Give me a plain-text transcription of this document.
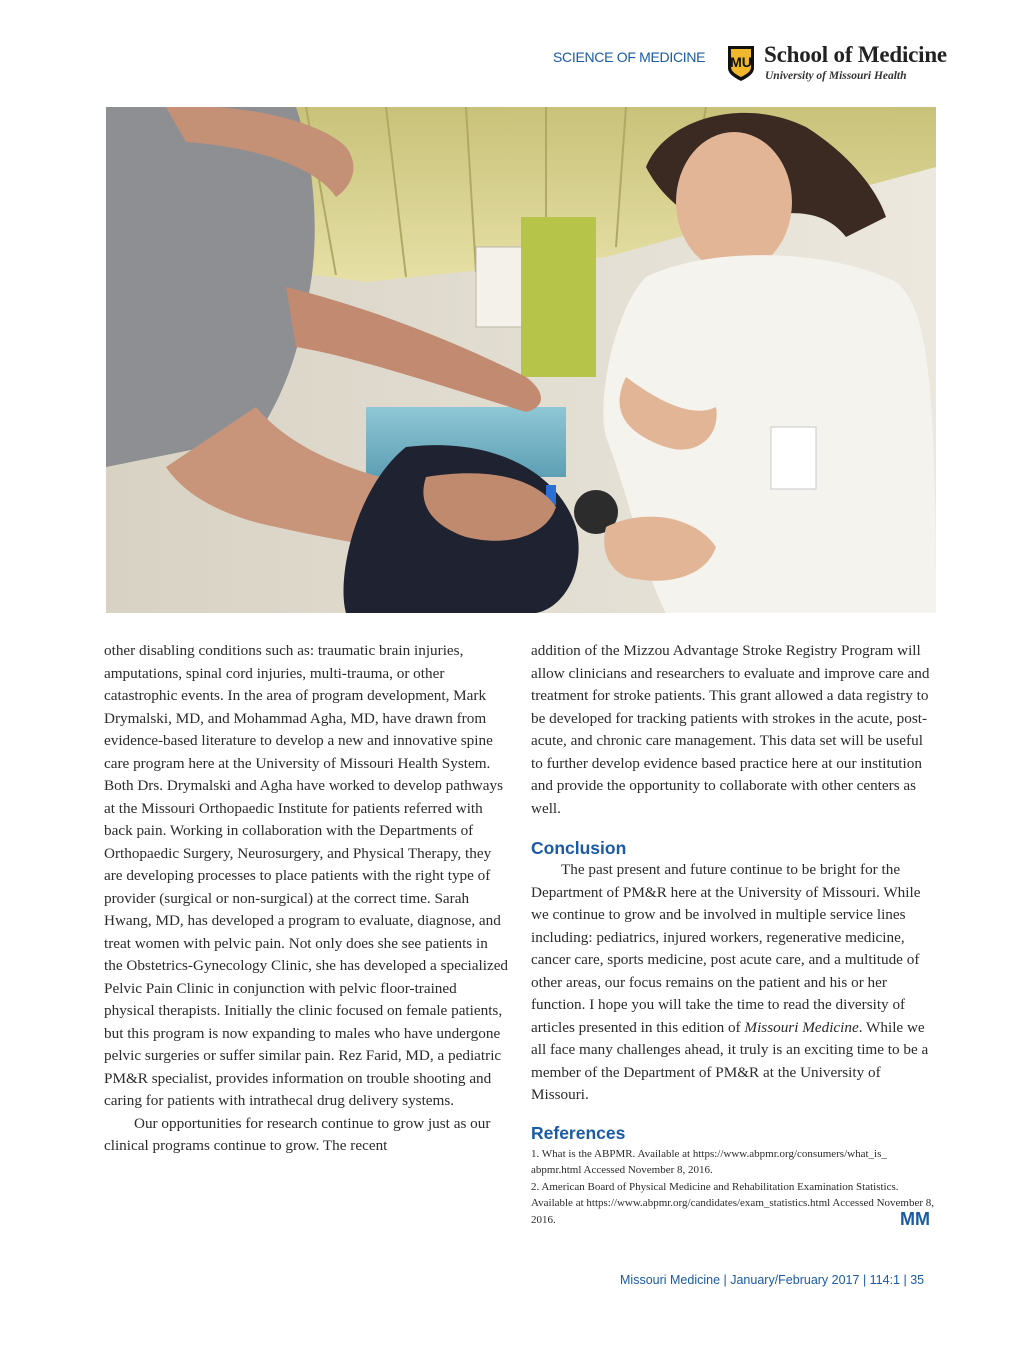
SCIENCE OF MEDICINE MU School of Medicine
University of Missouri Health

other disabling conditions such as: traumatic brain injuries, amputations, spinal cord injuries, multi-trauma, or other catastrophic events. In the area of program development, Mark Drymalski, MD, and Mohammad Agha, MD, have drawn from evidence-based literature to develop a new and innovative spine care program here at the University of Missouri Health System. Both Drs. Drymalski and Agha have worked to develop pathways at the Missouri Orthopaedic Institute for patients referred with back pain. Working in collaboration with the Departments of Orthopaedic Surgery, Neurosurgery, and Physical Therapy, they are developing processes to place patients with the right type of provider (surgical or non-surgical) at the correct time. Sarah Hwang, MD, has developed a program to evaluate, diagnose, and treat women with pelvic pain. Not only does she see patients in the Obstetrics-Gynecology Clinic, she has developed a specialized Pelvic Pain Clinic in conjunction with pelvic floor-trained physical therapists. Initially the clinic focused on female patients, but this program is now expanding to males who have undergone pelvic surgeries or suffer similar pain. Rez Farid, MD, a pediatric PM&R specialist, provides information on trouble shooting and caring for patients with intrathecal drug delivery systems.

Our opportunities for research continue to grow just as our clinical programs continue to grow. The recent

addition of the Mizzou Advantage Stroke Registry Program will allow clinicians and researchers to evaluate and improve care and treatment for stroke patients. This grant allowed a data registry to be developed for tracking patients with strokes in the acute, post-acute, and chronic care management. This data set will be useful to further develop evidence based practice here at our institution and provide the opportunity to collaborate with other centers as well.

Conclusion

The past present and future continue to be bright for the Department of PM&R here at the University of Missouri. While we continue to grow and be involved in multiple service lines including: pediatrics, injured workers, regenerative medicine, cancer care, sports medicine, post acute care, and a multitude of other areas, our focus remains on the patient and his or her function. I hope you will take the time to read the diversity of articles presented in this edition of Missouri Medicine. While we all face many challenges ahead, it truly is an exciting time to be a member of the Department of PM&R at the University of Missouri.

References
1. What is the ABPMR. Available at https://www.abpmr.org/consumers/what_is_ abpmr.html Accessed November 8, 2016.
2. American Board of Physical Medicine and Rehabilitation Examination Statistics. Available at https://www.abpmr.org/candidates/exam_statistics.html Accessed November 8, 2016.	MM
Missouri Medicine | January/February 2017 | 114:1 | 35
